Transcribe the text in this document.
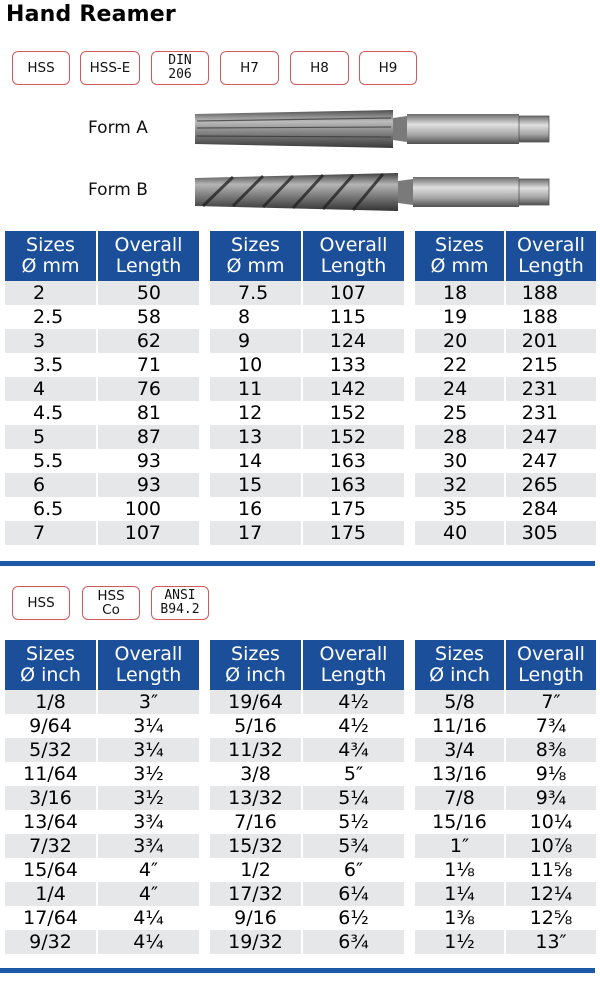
Hand Reamer
HSS	HSS-E	DIN
206	H7	H8	H9
Form A
Form B
Sizes
Ø mm	Overall
Length
2	50
2.5	58
3	62
3.5	71
4	76
4.5	81
5	87
5.5	93
6	93
6.5	100
7	107
Sizes
Ø mm	Overall
Length
7.5	107
8	115
9	124
10	133
11	142
12	152
13	152
14	163
15	163
16	175
17	175
Sizes
Ø mm	Overall
Length
18	188
19	188
20	201
22	215
24	231
25	231
28	247
30	247
32	265
35	284
40	305
HSS	HSS
Co
ANSI
B94.2
Sizes
Ø inch	Overall
Length
1/8	3″
9/64	3¼
5/32	3¼
11/64	3½
3/16	3½
13/64	3¾
7/32	3¾
15/64	4″
1/4	4″
17/64	4¼
9/32	4¼
Sizes
Ø inch	Overall
Length
19/64	4½
5/16	4½
11/32	4¾
3/8	5″
13/32	5¼
7/16	5½
15/32	5¾
1/2	6″
17/32	6¼
9/16	6½
19/32	6¾
Sizes
Ø inch	Overall
Length
5/8	7″
11/16	7¾
3/4	8⅜
13/16	9⅛
7/8	9¾
15/16	10¼
1″	10⅞
1⅛	11⅝
1¼	12¼
1⅜	12⅝
1½	13″
